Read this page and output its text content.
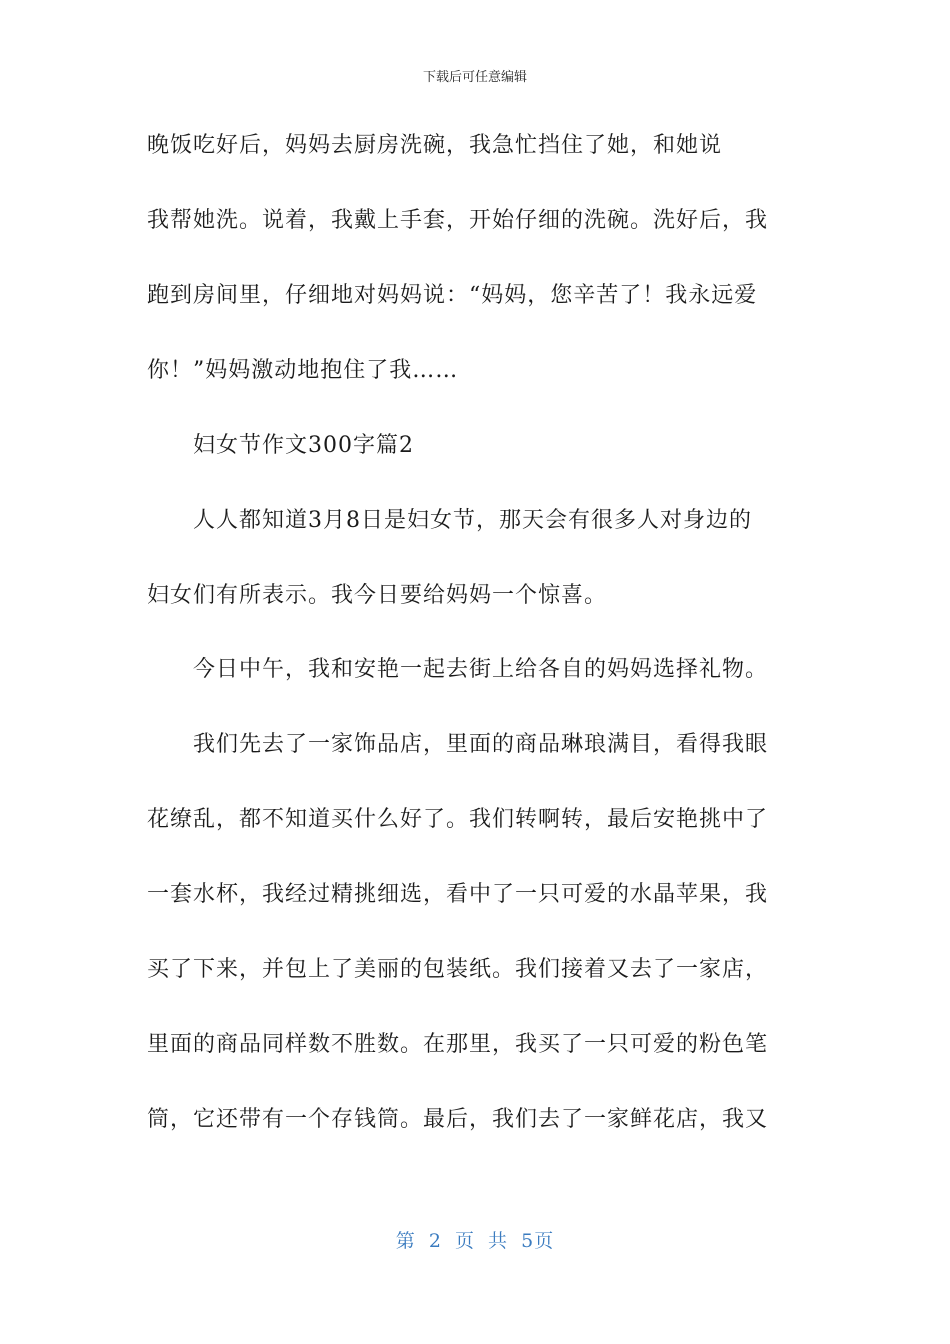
下载后可任意编辑
晚饭吃好后，妈妈去厨房洗碗，我急忙挡住了她，和她说
我帮她洗。说着，我戴上手套，开始仔细的洗碗。洗好后，我
跑到房间里，仔细地对妈妈说：“妈妈，您辛苦了！我永远爱
你！”妈妈激动地抱住了我……
妇女节作文300字篇2
人人都知道3月8日是妇女节，那天会有很多人对身边的
妇女们有所表示。我今日要给妈妈一个惊喜。
今日中午，我和安艳一起去街上给各自的妈妈选择礼物。
我们先去了一家饰品店，里面的商品琳琅满目，看得我眼
花缭乱，都不知道买什么好了。我们转啊转，最后安艳挑中了
一套水杯，我经过精挑细选，看中了一只可爱的水晶苹果，我
买了下来，并包上了美丽的包装纸。我们接着又去了一家店，
里面的商品同样数不胜数。在那里，我买了一只可爱的粉色笔
筒，它还带有一个存钱筒。最后，我们去了一家鲜花店，我又
第 2 页 共 5页
